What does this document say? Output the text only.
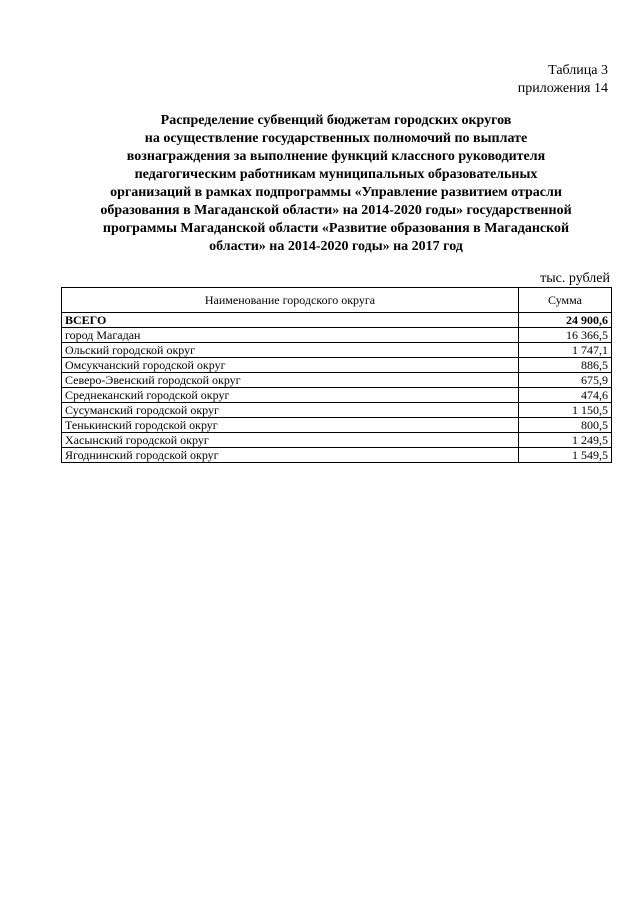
Таблица 3
приложения 14
Распределение субвенций бюджетам городских округов
на осуществление государственных полномочий по выплате
вознаграждения за выполнение функций классного руководителя
педагогическим работникам муниципальных образовательных
организаций в рамках подпрограммы «Управление развитием отрасли
образования в Магаданской области» на 2014-2020 годы» государственной
программы Магаданской области «Развитие образования в Магаданской
области» на 2014-2020 годы» на 2017 год
тыс. рублей
Наименование городского округа	Сумма
ВСЕГО	24 900,6
город Магадан	16 366,5
Ольский городской округ	1 747,1
Омсукчанский городской округ	886,5
Северо-Эвенский городской округ	675,9
Среднеканский городской округ	474,6
Сусуманский городской округ	1 150,5
Тенькинский городской округ	800,5
Хасынский городской округ	1 249,5
Ягоднинский городской округ	1 549,5
